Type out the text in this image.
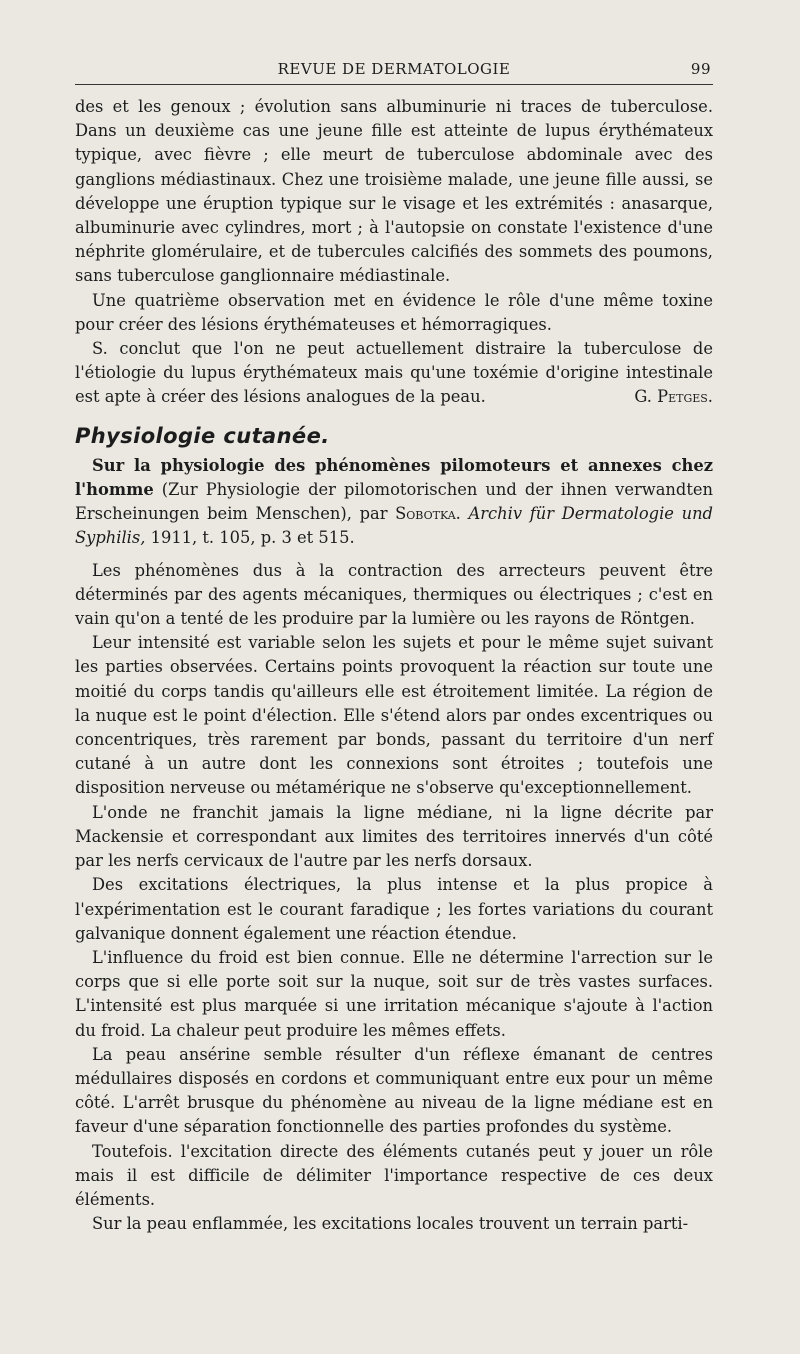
REVUE DE DERMATOLOGIE	99

des et les genoux ; évolution sans albuminurie ni traces de tuberculose. Dans un deuxième cas une jeune fille est atteinte de lupus érythémateux typique, avec fièvre ; elle meurt de tuberculose abdominale avec des ganglions médiastinaux. Chez une troisième malade, une jeune fille aussi, se développe une éruption typique sur le visage et les extrémités : anasarque, albuminurie avec cylindres, mort ; à l'autopsie on constate l'existence d'une néphrite glomérulaire, et de tubercules calcifiés des sommets des poumons, sans tuberculose ganglionnaire médiastinale.

Une quatrième observation met en évidence le rôle d'une même toxine pour créer des lésions érythémateuses et hémorragiques.

S. conclut que l'on ne peut actuellement distraire la tuberculose de l'étiologie du lupus érythémateux mais qu'une toxémie d'origine intestinale est apte à créer des lésions analogues de la peau.	G. Petges.

Physiologie cutanée.

Sur la physiologie des phénomènes pilomoteurs et annexes chez l'homme (Zur Physiologie der pilomotorischen und der ihnen verwandten Erscheinungen beim Menschen), par Sobotka. Archiv für Dermatologie und Syphilis, 1911, t. 105, p. 3 et 515.

Les phénomènes dus à la contraction des arrecteurs peuvent être déterminés par des agents mécaniques, thermiques ou électriques ; c'est en vain qu'on a tenté de les produire par la lumière ou les rayons de Röntgen.

Leur intensité est variable selon les sujets et pour le même sujet suivant les parties observées. Certains points provoquent la réaction sur toute une moitié du corps tandis qu'ailleurs elle est étroitement limitée. La région de la nuque est le point d'élection. Elle s'étend alors par ondes excentriques ou concentriques, très rarement par bonds, passant du territoire d'un nerf cutané à un autre dont les connexions sont étroites ; toutefois une disposition nerveuse ou métamérique ne s'observe qu'exceptionnellement.

L'onde ne franchit jamais la ligne médiane, ni la ligne décrite par Mackensie et correspondant aux limites des territoires innervés d'un côté par les nerfs cervicaux de l'autre par les nerfs dorsaux.

Des excitations électriques, la plus intense et la plus propice à l'expérimentation est le courant faradique ; les fortes variations du courant galvanique donnent également une réaction étendue.

L'influence du froid est bien connue. Elle ne détermine l'arrection sur le corps que si elle porte soit sur la nuque, soit sur de très vastes surfaces. L'intensité est plus marquée si une irritation mécanique s'ajoute à l'action du froid. La chaleur peut produire les mêmes effets.

La peau ansérine semble résulter d'un réflexe émanant de centres médullaires disposés en cordons et communiquant entre eux pour un même côté. L'arrêt brusque du phénomène au niveau de la ligne médiane est en faveur d'une séparation fonctionnelle des parties profondes du système.

Toutefois. l'excitation directe des éléments cutanés peut y jouer un rôle mais il est difficile de délimiter l'importance respective de ces deux éléments.

Sur la peau enflammée, les excitations locales trouvent un terrain parti-
